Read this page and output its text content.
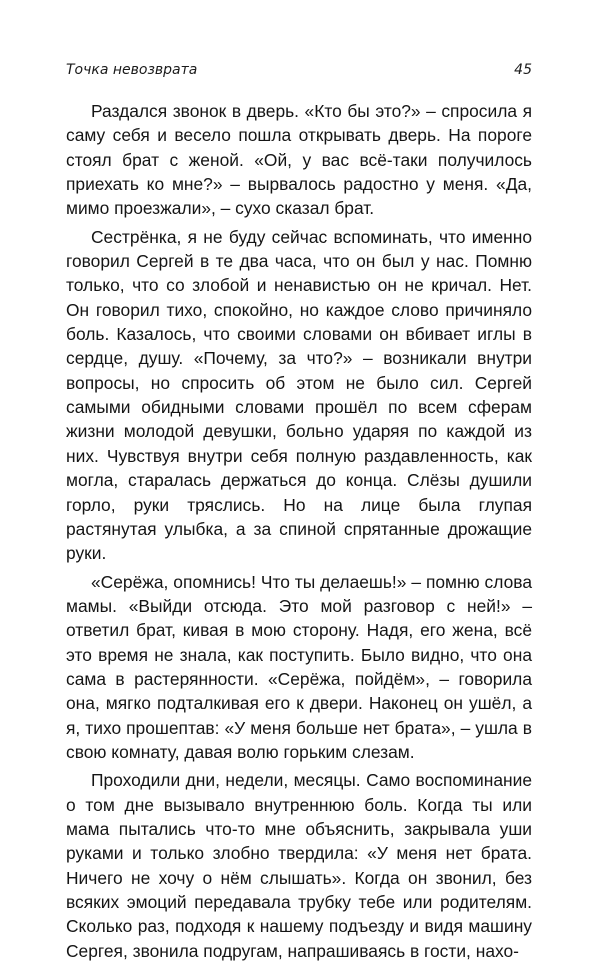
Точка невозврата	45

Раздался звонок в дверь. «Кто бы это?» – спросила я саму себя и весело пошла открывать дверь. На пороге стоял брат с женой. «Ой, у вас всё-таки получилось приехать ко мне?» – вырвалось радостно у меня. «Да, мимо проезжали», – сухо сказал брат.

Сестрёнка, я не буду сейчас вспоминать, что именно говорил Сергей в те два часа, что он был у нас. Помню только, что со злобой и ненавистью он не кричал. Нет. Он говорил тихо, спокойно, но каждое слово причиняло боль. Казалось, что своими словами он вбивает иглы в сердце, душу. «Почему, за что?» – возникали внутри вопросы, но спросить об этом не было сил. Сергей самыми обидными словами прошёл по всем сферам жизни молодой девушки, больно ударяя по каждой из них. Чувствуя внутри себя полную раздавленность, как могла, старалась держаться до конца. Слёзы душили горло, руки тряслись. Но на лице была глупая растянутая улыбка, а за спиной спрятанные дрожащие руки.

«Серёжа, опомнись! Что ты делаешь!» – помню слова мамы. «Выйди отсюда. Это мой разговор с ней!» – ответил брат, кивая в мою сторону. Надя, его жена, всё это время не знала, как поступить. Было видно, что она сама в растерянности. «Серёжа, пойдём», – говорила она, мягко подталкивая его к двери. Наконец он ушёл, а я, тихо прошептав: «У меня больше нет брата», – ушла в свою комнату, давая волю горьким слезам.

Проходили дни, недели, месяцы. Само воспоминание о том дне вызывало внутреннюю боль. Когда ты или мама пытались что-то мне объяснить, закрывала уши руками и только злобно твердила: «У меня нет брата. Ничего не хочу о нём слышать». Когда он звонил, без всяких эмоций передавала трубку тебе или родителям. Сколько раз, подходя к нашему подъезду и видя машину Сергея, звонила подругам, напрашиваясь в гости, нахо-
